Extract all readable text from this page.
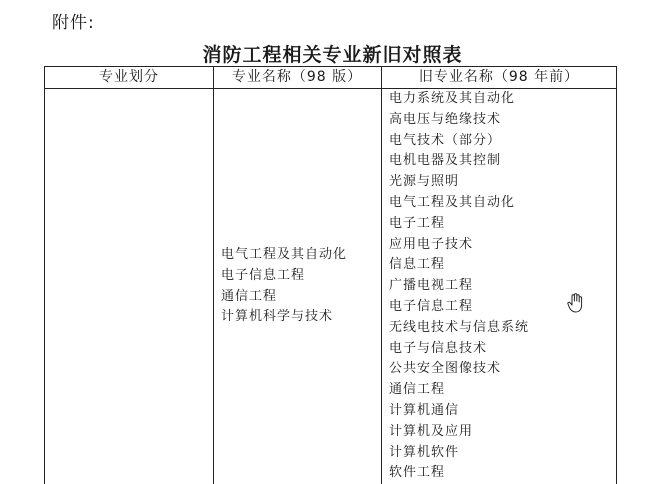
附件:
消防工程相关专业新旧对照表
专业划分	专业名称（98 版）	旧专业名称（98 年前）
电气工程及其自动化
电子信息工程
通信工程
计算机科学与技术
电力系统及其自动化
高电压与绝缘技术
电气技术（部分）
电机电器及其控制
光源与照明
电气工程及其自动化
电子工程
应用电子技术
信息工程
广播电视工程
电子信息工程
无线电技术与信息系统
电子与信息技术
公共安全图像技术
通信工程
计算机通信
计算机及应用
计算机软件
软件工程
